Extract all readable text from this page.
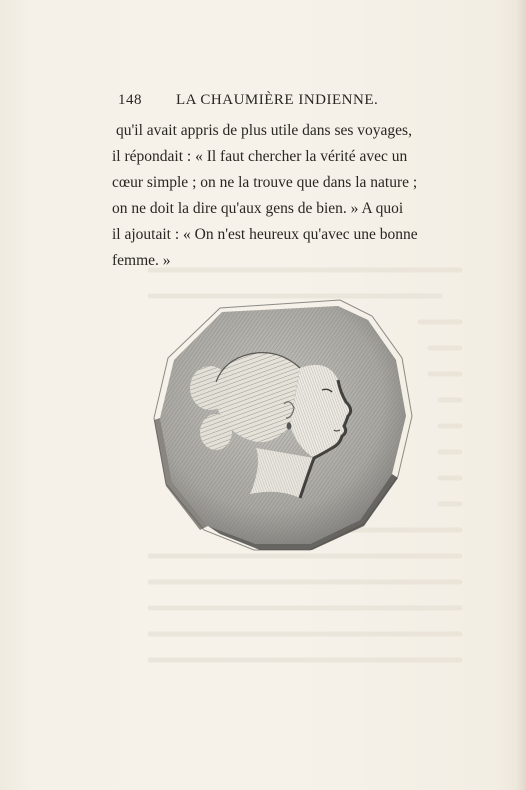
148 LA CHAUMIÈRE INDIENNE.
qu'il avait appris de plus utile dans ses voyages,
il répondait : « Il faut chercher la vérité avec un
cœur simple ; on ne la trouve que dans la nature ;
on ne doit la dire qu'aux gens de bien. » A quoi
il ajoutait : « On n'est heureux qu'avec une bonne
femme. »
